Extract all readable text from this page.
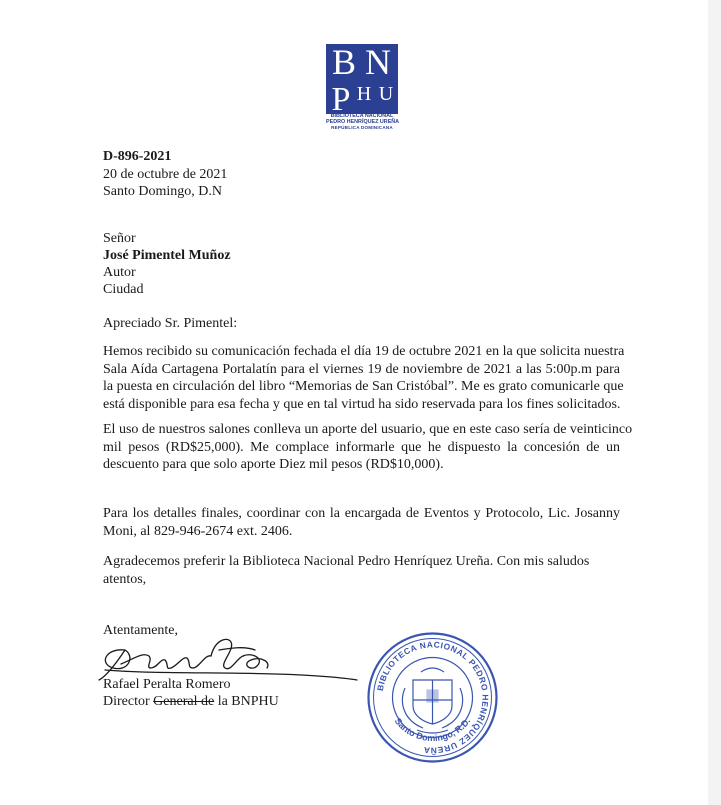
B N
P H U
BIBLIOTECA NACIONAL
PEDRO HENRÍQUEZ UREÑA
REPÚBLICA DOMINICANA
D-896-2021
20 de octubre de 2021
Santo Domingo, D.N
Señor
José Pimentel Muñoz
Autor
Ciudad
Apreciado Sr. Pimentel:
Hemos recibido su comunicación fechada el día 19 de octubre 2021 en la que solicita nuestra
Sala Aída Cartagena Portalatín para el viernes 19 de noviembre de 2021 a las 5:00p.m para
la puesta en circulación del libro “Memorias de San Cristóbal”. Me es grato comunicarle que
está disponible para esa fecha y que en tal virtud ha sido reservada para los fines solicitados.
El uso de nuestros salones conlleva un aporte del usuario, que en este caso sería de veinticinco
mil pesos (RD$25,000). Me complace informarle que he dispuesto la concesión de un
descuento para que solo aporte Diez mil pesos (RD$10,000).
Para los detalles finales, coordinar con la encargada de Eventos y Protocolo, Lic. Josanny
Moni, al 829-946-2674 ext. 2406.
Agradecemos preferir la Biblioteca Nacional Pedro Henríquez Ureña. Con mis saludos
atentos,
Atentamente,
Rafael Peralta Romero
Director General de la BNPHU
BIBLIOTECA NACIONAL PEDRO HENRÍQUEZ UREÑA
Santo Domingo, R.D.
